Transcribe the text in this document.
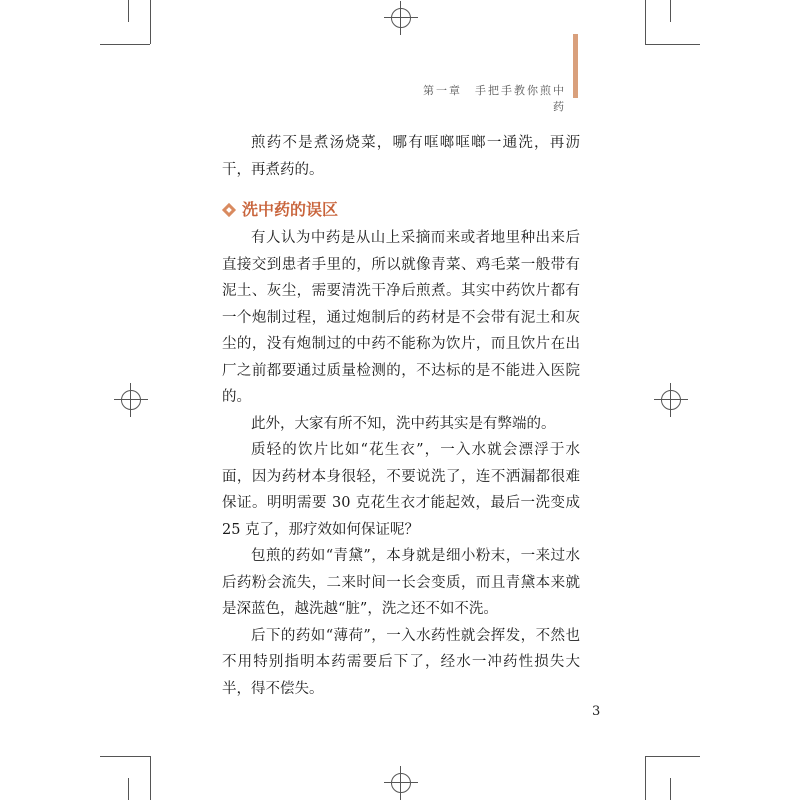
第一章　手把手教你煎中药

煎药不是煮汤烧菜，哪有哐啷哐啷一通洗，再沥干，再煮药的。

洗中药的误区

有人认为中药是从山上采摘而来或者地里种出来后直接交到患者手里的，所以就像青菜、鸡毛菜一般带有泥土、灰尘，需要清洗干净后煎煮。其实中药饮片都有一个炮制过程，通过炮制后的药材是不会带有泥土和灰尘的，没有炮制过的中药不能称为饮片，而且饮片在出厂之前都要通过质量检测的，不达标的是不能进入医院的。

此外，大家有所不知，洗中药其实是有弊端的。

质轻的饮片比如“花生衣”，一入水就会漂浮于水面，因为药材本身很轻，不要说洗了，连不洒漏都很难保证。明明需要 30 克花生衣才能起效，最后一洗变成 25 克了，那疗效如何保证呢？

包煎的药如“青黛”，本身就是细小粉末，一来过水后药粉会流失，二来时间一长会变质，而且青黛本来就是深蓝色，越洗越“脏”，洗之还不如不洗。

后下的药如“薄荷”，一入水药性就会挥发，不然也不用特别指明本药需要后下了，经水一冲药性损失大半，得不偿失。

3
